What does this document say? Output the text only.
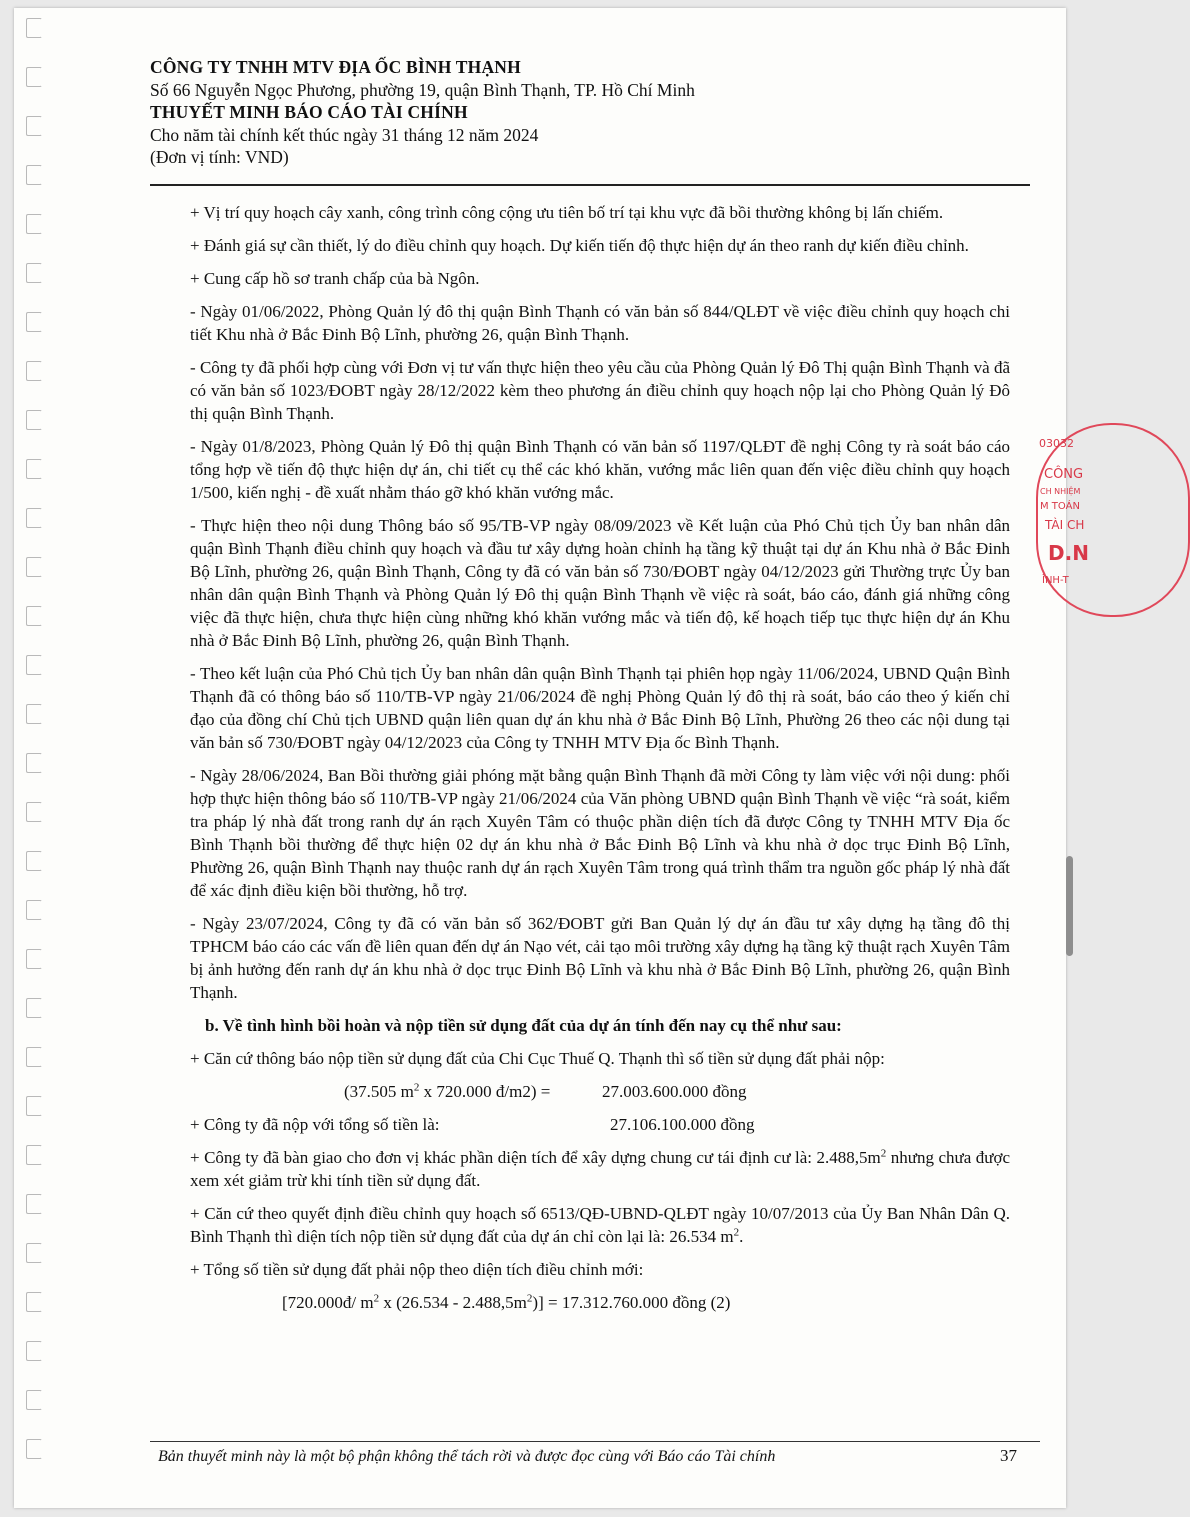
CÔNG TY TNHH MTV ĐỊA ỐC BÌNH THẠNH
Số 66 Nguyễn Ngọc Phương, phường 19, quận Bình Thạnh, TP. Hồ Chí Minh
THUYẾT MINH BÁO CÁO TÀI CHÍNH
Cho năm tài chính kết thúc ngày 31 tháng 12 năm 2024
(Đơn vị tính: VND)

+ Vị trí quy hoạch cây xanh, công trình công cộng ưu tiên bố trí tại khu vực đã bồi thường không bị lấn chiếm.

+ Đánh giá sự cần thiết, lý do điều chỉnh quy hoạch. Dự kiến tiến độ thực hiện dự án theo ranh dự kiến điều chỉnh.

+ Cung cấp hồ sơ tranh chấp của bà Ngôn.

- Ngày 01/06/2022, Phòng Quản lý đô thị quận Bình Thạnh có văn bản số 844/QLĐT về việc điều chỉnh quy hoạch chi tiết Khu nhà ở Bắc Đinh Bộ Lĩnh, phường 26, quận Bình Thạnh.

- Công ty đã phối hợp cùng với Đơn vị tư vấn thực hiện theo yêu cầu của Phòng Quản lý Đô Thị quận Bình Thạnh và đã có văn bản số 1023/ĐOBT ngày 28/12/2022 kèm theo phương án điều chỉnh quy hoạch nộp lại cho Phòng Quản lý Đô thị quận Bình Thạnh.

- Ngày 01/8/2023, Phòng Quản lý Đô thị quận Bình Thạnh có văn bản số 1197/QLĐT đề nghị Công ty rà soát báo cáo tổng hợp về tiến độ thực hiện dự án, chi tiết cụ thể các khó khăn, vướng mắc liên quan đến việc điều chỉnh quy hoạch 1/500, kiến nghị - đề xuất nhằm tháo gỡ khó khăn vướng mắc.

- Thực hiện theo nội dung Thông báo số 95/TB-VP ngày 08/09/2023 về Kết luận của Phó Chủ tịch Ủy ban nhân dân quận Bình Thạnh điều chỉnh quy hoạch và đầu tư xây dựng hoàn chỉnh hạ tầng kỹ thuật tại dự án Khu nhà ở Bắc Đinh Bộ Lĩnh, phường 26, quận Bình Thạnh, Công ty đã có văn bản số 730/ĐOBT ngày 04/12/2023 gửi Thường trực Ủy ban nhân dân quận Bình Thạnh và Phòng Quản lý Đô thị quận Bình Thạnh về việc rà soát, báo cáo, đánh giá những công việc đã thực hiện, chưa thực hiện cùng những khó khăn vướng mắc và tiến độ, kế hoạch tiếp tục thực hiện dự án Khu nhà ở Bắc Đinh Bộ Lĩnh, phường 26, quận Bình Thạnh.

- Theo kết luận của Phó Chủ tịch Ủy ban nhân dân quận Bình Thạnh tại phiên họp ngày 11/06/2024, UBND Quận Bình Thạnh đã có thông báo số 110/TB-VP ngày 21/06/2024 đề nghị Phòng Quản lý đô thị rà soát, báo cáo theo ý kiến chỉ đạo của đồng chí Chủ tịch UBND quận liên quan dự án khu nhà ở Bắc Đinh Bộ Lĩnh, Phường 26 theo các nội dung tại văn bản số 730/ĐOBT ngày 04/12/2023 của Công ty TNHH MTV Địa ốc Bình Thạnh.

- Ngày 28/06/2024, Ban Bồi thường giải phóng mặt bằng quận Bình Thạnh đã mời Công ty làm việc với nội dung: phối hợp thực hiện thông báo số 110/TB-VP ngày 21/06/2024 của Văn phòng UBND quận Bình Thạnh về việc “rà soát, kiểm tra pháp lý nhà đất trong ranh dự án rạch Xuyên Tâm có thuộc phần diện tích đã được Công ty TNHH MTV Địa ốc Bình Thạnh bồi thường để thực hiện 02 dự án khu nhà ở Bắc Đinh Bộ Lĩnh và khu nhà ở dọc trục Đinh Bộ Lĩnh, Phường 26, quận Bình Thạnh nay thuộc ranh dự án rạch Xuyên Tâm trong quá trình thẩm tra nguồn gốc pháp lý nhà đất để xác định điều kiện bồi thường, hỗ trợ.

- Ngày 23/07/2024, Công ty đã có văn bản số 362/ĐOBT gửi Ban Quản lý dự án đầu tư xây dựng hạ tầng đô thị TPHCM báo cáo các vấn đề liên quan đến dự án Nạo vét, cải tạo môi trường xây dựng hạ tầng kỹ thuật rạch Xuyên Tâm bị ảnh hưởng đến ranh dự án khu nhà ở dọc trục Đinh Bộ Lĩnh và khu nhà ở Bắc Đinh Bộ Lĩnh, phường 26, quận Bình Thạnh.

b. Về tình hình bồi hoàn và nộp tiền sử dụng đất của dự án tính đến nay cụ thể như sau:

+ Căn cứ thông báo nộp tiền sử dụng đất của Chi Cục Thuế Q. Thạnh thì số tiền sử dụng đất phải nộp:

(37.505 $m^2$ x 720.000 đ/m2) =	27.003.600.000 đồng
+ Công ty đã nộp với tổng số tiền là:	27.106.100.000 đồng

+ Công ty đã bàn giao cho đơn vị khác phần diện tích để xây dựng chung cư tái định cư là: $2.488,5m^2$ nhưng chưa được xem xét giảm trừ khi tính tiền sử dụng đất.

+ Căn cứ theo quyết định điều chỉnh quy hoạch số 6513/QĐ-UBND-QLĐT ngày 10/07/2013 của Ủy Ban Nhân Dân Q. Bình Thạnh thì diện tích nộp tiền sử dụng đất của dự án chỉ còn lại là: 26.534 $m^2$.

+ Tổng số tiền sử dụng đất phải nộp theo diện tích điều chỉnh mới:

[720.000đ/ $m^2$ x $(26.534 - 2.488,5m^2)] = 17.312.760.000$ đồng (2)

Bản thuyết minh này là một bộ phận không thể tách rời và được đọc cùng với Báo cáo Tài chính	37
03032
CÔNG
CH NHIỆM
M TOÁN
TÀI CH
D.N
ÌNH-T
